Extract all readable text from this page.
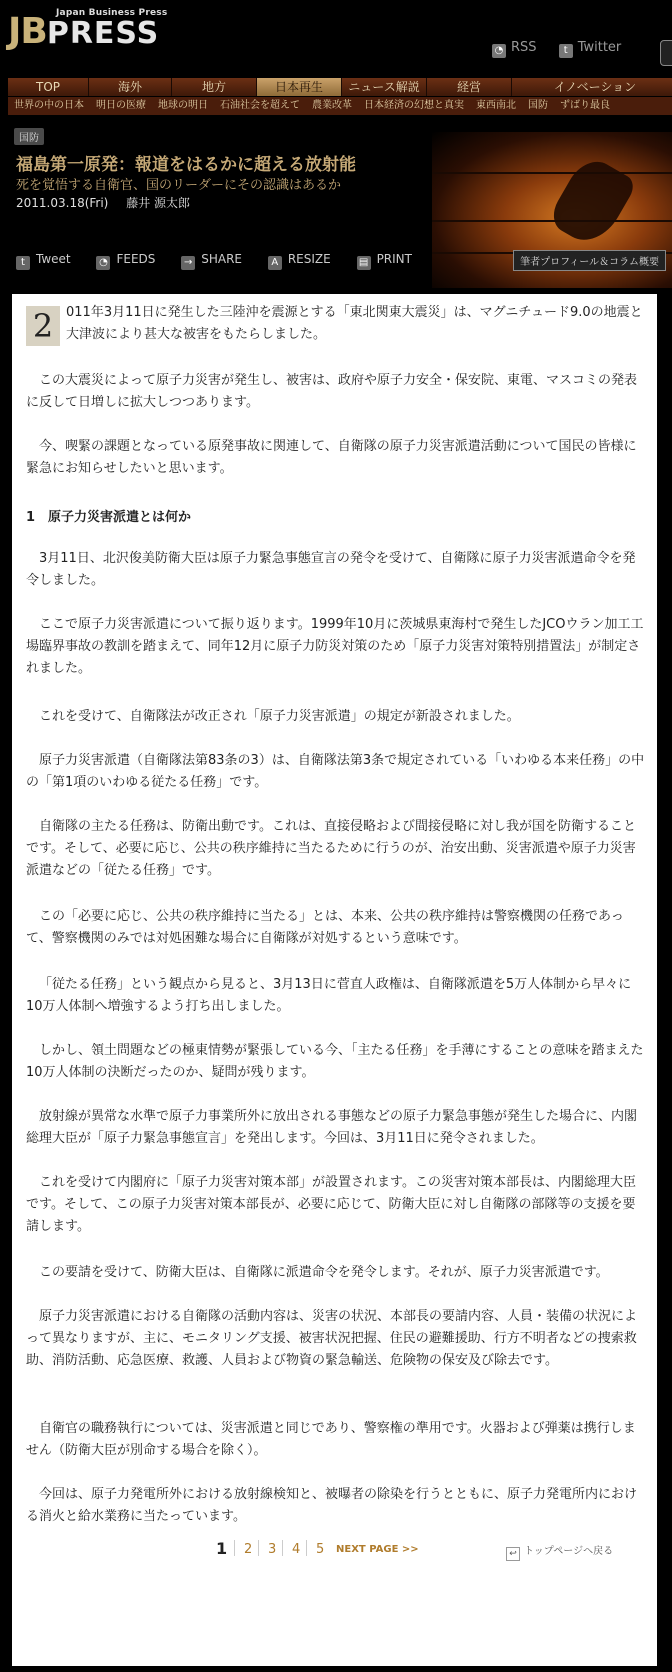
JBPRESS
Japan Business Press
◔ RSS	t Twitter
TOP	海外	地方	日本再生	ニュース解説	経営	イノベーション
世界の中の日本	明日の医療	地球の明日	石油社会を超えて	農業改革	日本経済の幻想と真実	東西南北	国防	ずばり最良
国防
福島第一原発：報道をはるかに超える放射能
死を覚悟する自衛官、国のリーダーにその認識はあるか
2011.03.18(Fri) 藤井 源太郎
t Tweet	◔ FEEDS	→ SHARE	A RESIZE	▤ PRINT	筆者プロフィール＆コラム概要
2 011年3月11日に発生した三陸沖を震源とする「東北関東大震災」は、マグニチュード9.0の地震と大津波により甚大な被害をもたらしました。

この大震災によって原子力災害が発生し、被害は、政府や原子力安全・保安院、東電、マスコミの発表に反して日増しに拡大しつつあります。

今、喫緊の課題となっている原発事故に関連して、自衛隊の原子力災害派遣活動について国民の皆様に緊急にお知らせしたいと思います。

1　原子力災害派遣とは何か

3月11日、北沢俊美防衛大臣は原子力緊急事態宣言の発令を受けて、自衛隊に原子力災害派遣命令を発令しました。

ここで原子力災害派遣について振り返ります。1999年10月に茨城県東海村で発生したJCOウラン加工工場臨界事故の教訓を踏まえて、同年12月に原子力防災対策のため「原子力災害対策特別措置法」が制定されました。

これを受けて、自衛隊法が改正され「原子力災害派遣」の規定が新設されました。

原子力災害派遣（自衛隊法第83条の3）は、自衛隊法第3条で規定されている「いわゆる本来任務」の中の「第1項のいわゆる従たる任務」です。

自衛隊の主たる任務は、防衛出動です。これは、直接侵略および間接侵略に対し我が国を防衛することです。そして、必要に応じ、公共の秩序維持に当たるために行うのが、治安出動、災害派遣や原子力災害派遣などの「従たる任務」です。

この「必要に応じ、公共の秩序維持に当たる」とは、本来、公共の秩序維持は警察機関の任務であって、警察機関のみでは対処困難な場合に自衛隊が対処するという意味です。

「従たる任務」という観点から見ると、3月13日に菅直人政権は、自衛隊派遣を5万人体制から早々に10万人体制へ増強するよう打ち出しました。

しかし、領土問題などの極東情勢が緊張している今、「主たる任務」を手薄にすることの意味を踏まえた10万人体制の決断だったのか、疑問が残ります。

放射線が異常な水準で原子力事業所外に放出される事態などの原子力緊急事態が発生した場合に、内閣総理大臣が「原子力緊急事態宣言」を発出します。今回は、3月11日に発令されました。

これを受けて内閣府に「原子力災害対策本部」が設置されます。この災害対策本部長は、内閣総理大臣です。そして、この原子力災害対策本部長が、必要に応じて、防衛大臣に対し自衛隊の部隊等の支援を要請します。

この要請を受けて、防衛大臣は、自衛隊に派遣命令を発令します。それが、原子力災害派遣です。

原子力災害派遣における自衛隊の活動内容は、災害の状況、本部長の要請内容、人員・装備の状況によって異なりますが、主に、モニタリング支援、被害状況把握、住民の避難援助、行方不明者などの捜索救助、消防活動、応急医療、救護、人員および物資の緊急輸送、危険物の保安及び除去です。

自衛官の職務執行については、災害派遣と同じであり、警察権の準用です。火器および弾薬は携行しません（防衛大臣が別命する場合を除く）。

今回は、原子力発電所外における放射線検知と、被曝者の除染を行うとともに、原子力発電所内における消火と給水業務に当たっています。

1 2 3 4 5 NEXT PAGE >>	↩ トップページへ戻る
